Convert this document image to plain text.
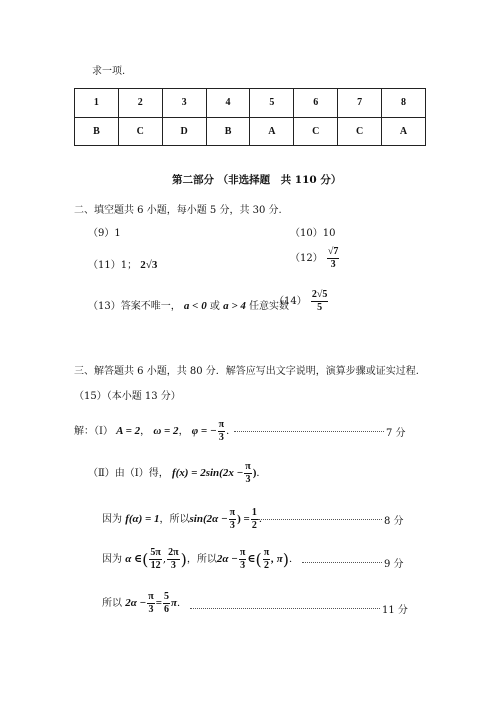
求一项.
1	2	3	4	5	6	7	8
B	C	D	B	A	C	C	A
第二部分 （非选择题　共 110 分）
二、填空题共 6 小题，每小题 5 分，共 30 分.
（9）1	（10）10
（11）1； 2√3
$(12) \frac{√7}{3}$
（13）答案不唯一， a < 0 或 a > 4 任意实数
$(14) \frac{2√5}{5}$
三、解答题共 6 小题，共 80 分．解答应写出文字说明，演算步骤或证实过程.
（15）（本小题 13 分）
解：（Ⅰ） A = 2， ω = 2， φ = − $\frac{\pi}{3}$ ．	7 分
（Ⅱ）由（Ⅰ）得， $f(x) = 2\sin(2x - \frac{\pi}{3}$ )．
因为 f(α) = 1，所以$\sin(2\alpha - \frac{\pi}{3}$ ) = $\frac{1}{2}$ ．	8 分
因为 α ∈( $\frac{5\pi}{12}$ , $\frac{2\pi}{3}$ )，所以$2\alpha - \frac{\pi}{3}$ ∈( $\frac{\pi}{2}$ , π)．	9 分
所以 $2\alpha - \frac{\pi}{3} = \frac{5}{6}$ π．
11 分
